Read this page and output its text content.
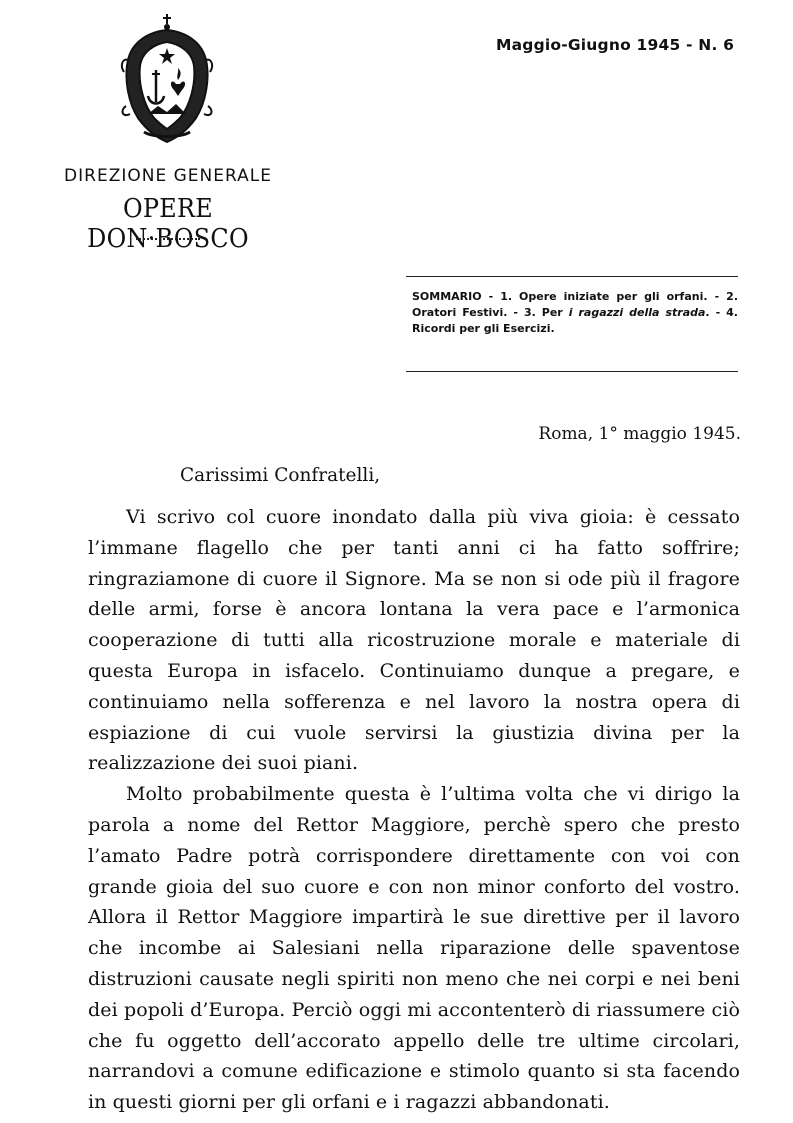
Maggio-Giugno 1945 - N. 6
DIREZIONE GENERALE
OPERE DON·BOSCO
SOMMARIO - 1. Opere iniziate per gli orfani. - 2. Oratori Festivi. - 3. Per i ragazzi della strada. - 4. Ricordi per gli Esercizi.
Roma, 1° maggio 1945.
Carissimi Confratelli,

Vi scrivo col cuore inondato dalla più viva gioia: è cessato l’immane flagello che per tanti anni ci ha fatto soffrire; ringraziamone di cuore il Signore. Ma se non si ode più il fragore delle armi, forse è ancora lontana la vera pace e l’armonica cooperazione di tutti alla ricostruzione morale e materiale di questa Europa in isfacelo. Continuiamo dunque a pregare, e continuiamo nella sofferenza e nel lavoro la nostra opera di espiazione di cui vuole servirsi la giustizia divina per la realizzazione dei suoi piani.

Molto probabilmente questa è l’ultima volta che vi dirigo la parola a nome del Rettor Maggiore, perchè spero che presto l’amato Padre potrà corrispondere direttamente con voi con grande gioia del suo cuore e con non minor conforto del vostro. Allora il Rettor Maggiore impartirà le sue direttive per il lavoro che incombe ai Salesiani nella riparazione delle spaventose distruzioni causate negli spiriti non meno che nei corpi e nei beni dei popoli d’Europa. Perciò oggi mi accontenterò di riassumere ciò che fu oggetto dell’accorato appello delle tre ultime circolari, narrandovi a comune edificazione e stimolo quanto si sta facendo in questi giorni per gli orfani e i ragazzi abbandonati.
